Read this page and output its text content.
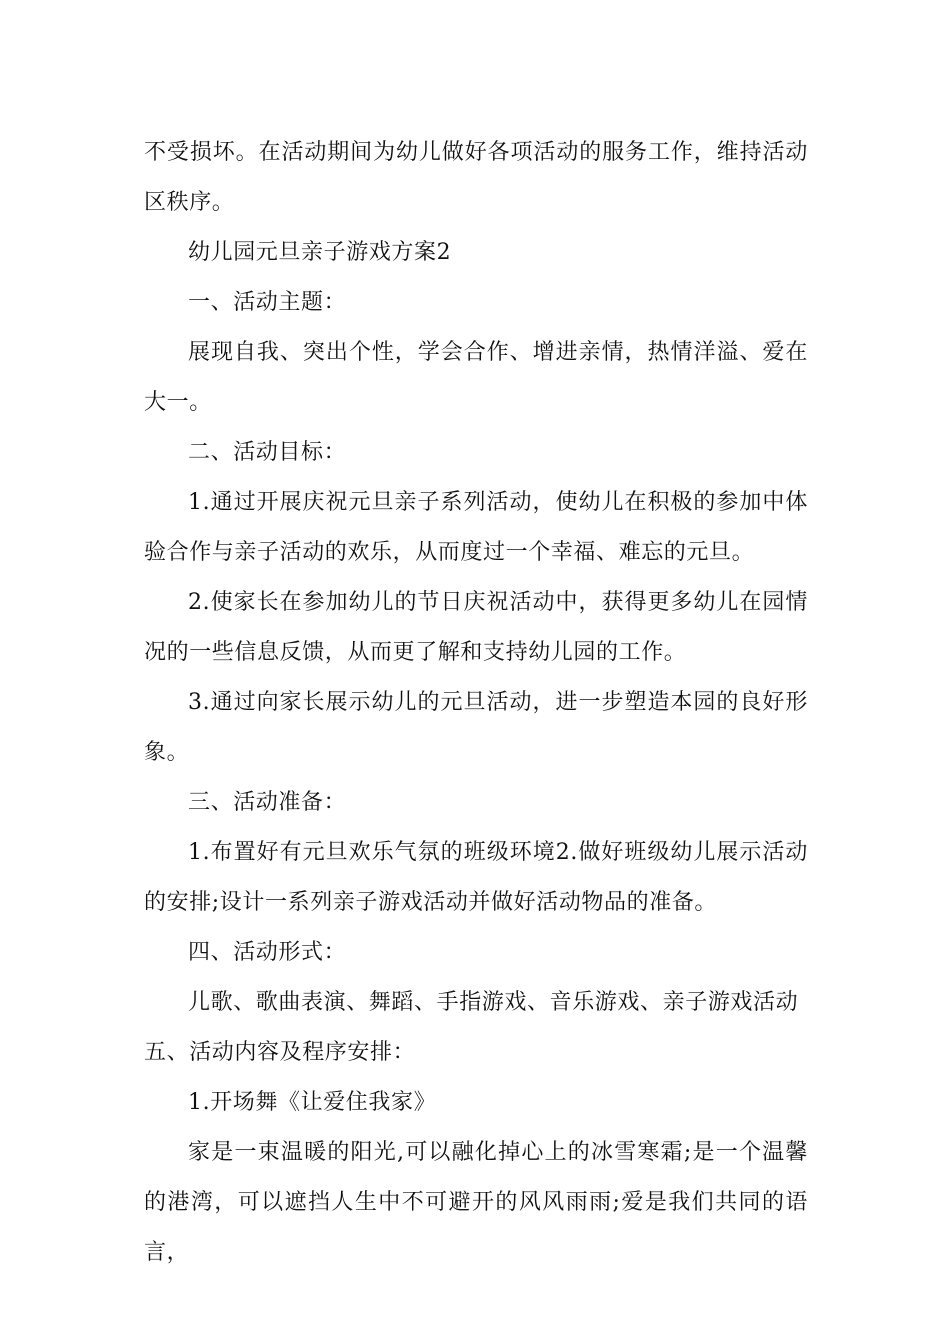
不受损坏。在活动期间为幼儿做好各项活动的服务工作，维持活动区秩序。

幼儿园元旦亲子游戏方案2

一、活动主题：

展现自我、突出个性，学会合作、增进亲情，热情洋溢、爱在大一。

二、活动目标：

1.通过开展庆祝元旦亲子系列活动，使幼儿在积极的参加中体验合作与亲子活动的欢乐，从而度过一个幸福、难忘的元旦。

2.使家长在参加幼儿的节日庆祝活动中，获得更多幼儿在园情况的一些信息反馈，从而更了解和支持幼儿园的工作。

3.通过向家长展示幼儿的元旦活动，进一步塑造本园的良好形象。

三、活动准备：

1.布置好有元旦欢乐气氛的班级环境2.做好班级幼儿展示活动的安排;设计一系列亲子游戏活动并做好活动物品的准备。

四、活动形式：

儿歌、歌曲表演、舞蹈、手指游戏、音乐游戏、亲子游戏活动

五、活动内容及程序安排：

1.开场舞《让爱住我家》

家是一束温暖的阳光,可以融化掉心上的冰雪寒霜;是一个温馨的港湾，可以遮挡人生中不可避开的风风雨雨;爱是我们共同的语言，
